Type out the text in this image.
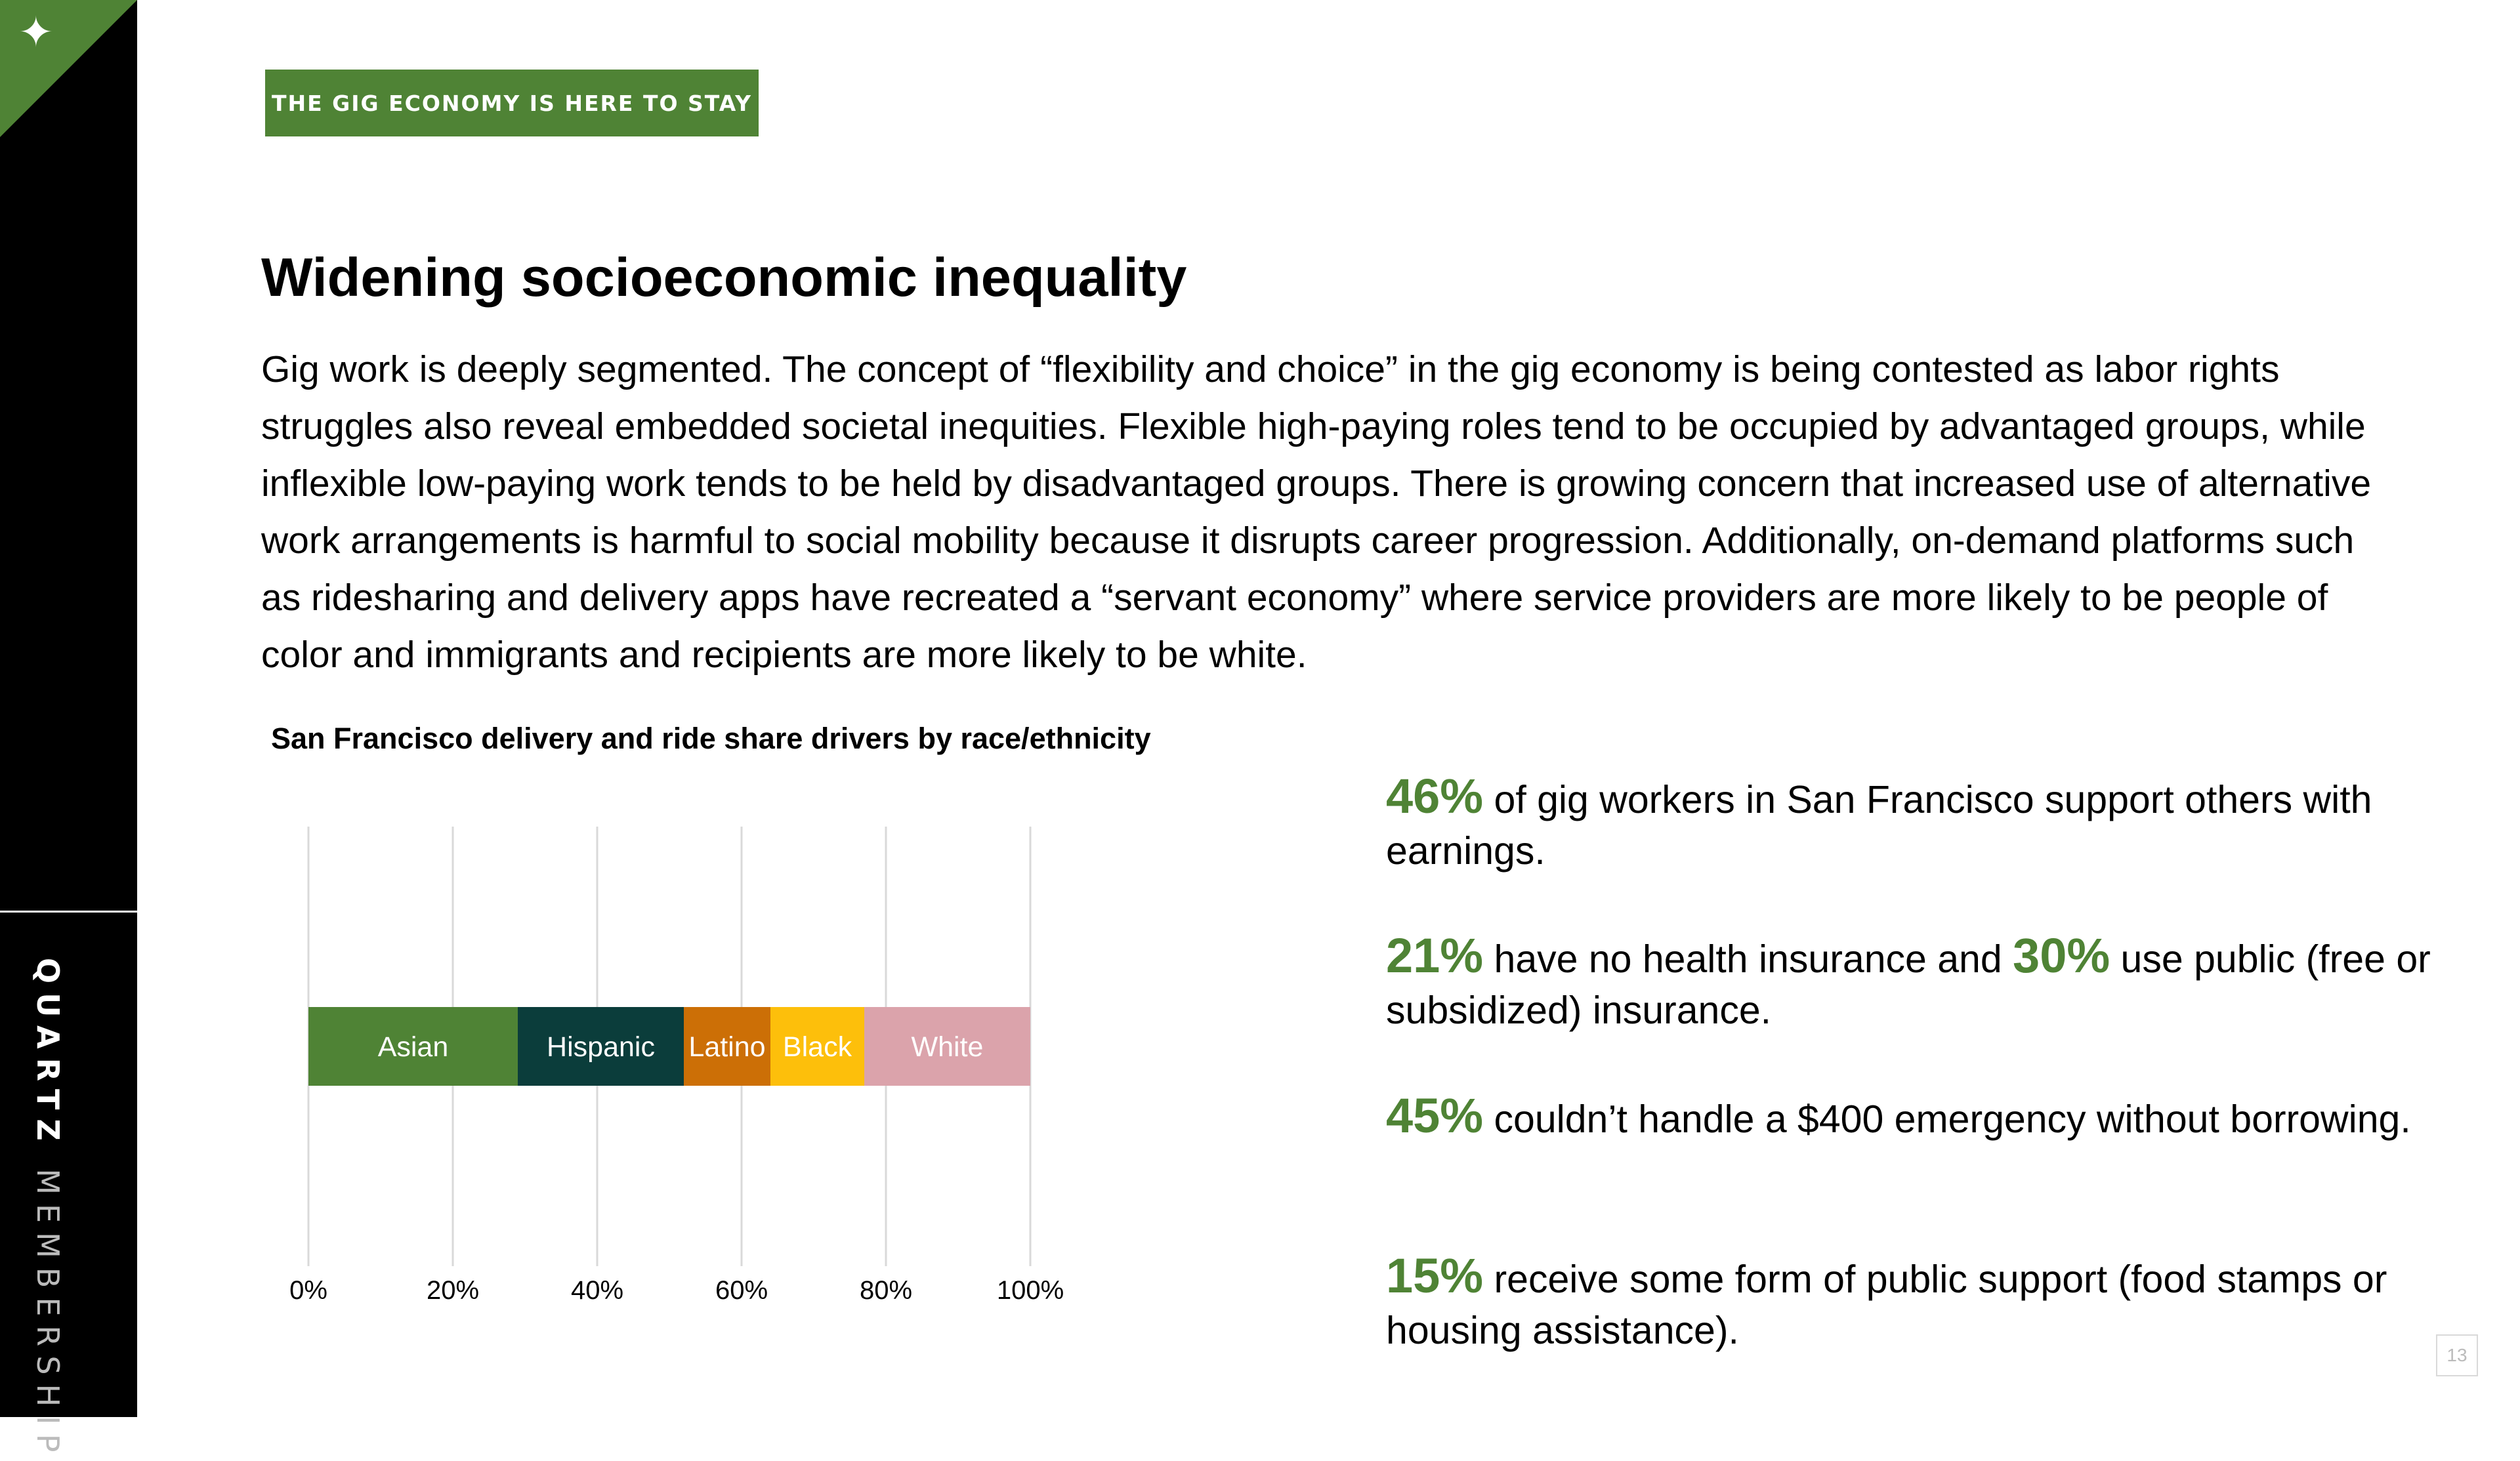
✦
QUARTZ MEMBERSHIP
THE GIG ECONOMY IS HERE TO STAY
Widening socioeconomic inequality

Gig work is deeply segmented. The concept of “flexibility and choice” in the gig economy is being contested as labor rights struggles also reveal embedded societal inequities. Flexible high-paying roles tend to be occupied by advantaged groups, while inflexible low-paying work tends to be held by disadvantaged groups. There is growing concern that increased use of alternative work arrangements is harmful to social mobility because it disrupts career progression. Additionally, on-demand platforms such as ridesharing and delivery apps have recreated a “servant economy” where service providers are more likely to be people of color and immigrants and recipients are more likely to be white.

San Francisco delivery and ride share drivers by race/ethnicity
0%	20%	40%	60%	80%	100%
Asian	Hispanic Latino Black White
46% of gig workers in San Francisco support others with earnings.
21% have no health insurance and 30% use public (free or subsidized) insurance.
45% couldn’t handle a $400 emergency without borrowing.
15% receive some form of public support (food stamps or housing assistance).
13
